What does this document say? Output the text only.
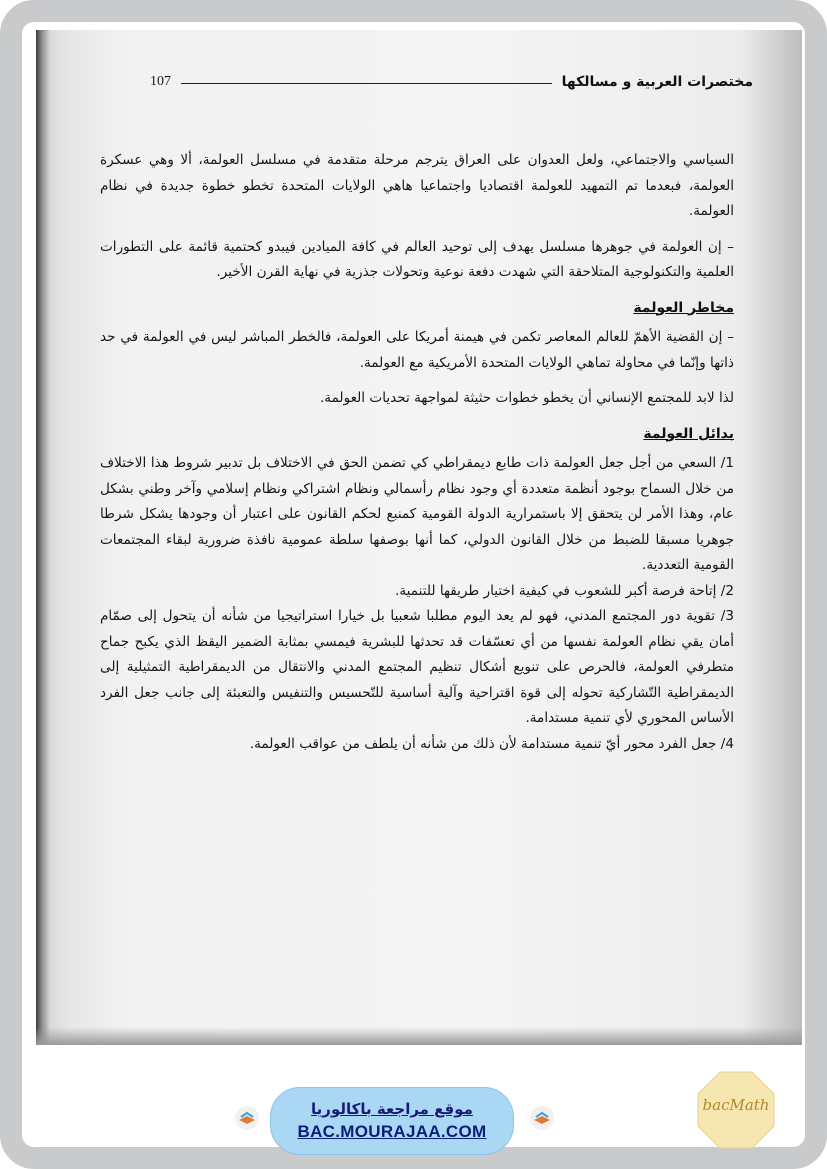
107	مختصرات العربية و مسالكها

السياسي والاجتماعي، ولعل العدوان على العراق يترجم مرحلة متقدمة في مسلسل العولمة، ألا وهي عسكرة العولمة، فبعدما تم التمهيد للعولمة اقتصاديا واجتماعيا هاهي الولايات المتحدة تخطو خطوة جديدة في نظام العولمة.

– إن العولمة في جوهرها مسلسل يهدف إلى توحيد العالم في كافة الميادين فيبدو كحتمية قائمة على التطورات العلمية والتكنولوجية المتلاحقة التي شهدت دفعة نوعية وتحولات جذرية في نهاية القرن الأخير.

مخاطر العولمة

– إن القضية الأهمّ للعالم المعاصر تكمن في هيمنة أمريكا على العولمة، فالخطر المباشر ليس في العولمة في حد ذاتها وإنّما في محاولة تماهي الولايات المتحدة الأمريكية مع العولمة.

لذا لابد للمجتمع الإنساني أن يخطو خطوات حثيثة لمواجهة تحديات العولمة.

بدائل العولمة

1/ السعي من أجل جعل العولمة ذات طابع ديمقراطي كي تضمن الحق في الاختلاف بل تدبير شروط هذا الاختلاف من خلال السماح بوجود أنظمة متعددة أي وجود نظام رأسمالي ونظام اشتراكي ونظام إسلامي وآخر وطني بشكل عام، وهذا الأمر لن يتحقق إلا باستمرارية الدولة القومية كمنبع لحكم القانون على اعتبار أن وجودها يشكل شرطا جوهريا مسبقا للضبط من خلال القانون الدولي، كما أنها بوصفها سلطة عمومية نافذة ضرورية لبقاء المجتمعات القومية التعددية.

2/ إتاحة فرصة أكبر للشعوب في كيفية اختيار طريقها للتنمية.

3/ تقوية دور المجتمع المدني، فهو لم يعد اليوم مطلبا شعبيا بل خيارا استراتيجيا من شأنه أن يتحول إلى صمّام أمان يقي نظام العولمة نفسها من أي تعسّفات قد تحدثها للبشرية فيمسي بمثابة الضمير اليقظ الذي يكبح جماح متطرفي العولمة، فالحرص على تنويع أشكال تنظيم المجتمع المدني والانتقال من الديمقراطية التمثيلية إلى الديمقراطية التّشاركية تحوله إلى قوة اقتراحية وآلية أساسية للتّحسيس والتنفيس والتعبئة إلى جانب جعل الفرد الأساس المحوري لأي تنمية مستدامة.

4/ جعل الفرد محور أيّ تنمية مستدامة لأن ذلك من شأنه أن يلطف من عواقب العولمة.

موقع مراجعة باكالوريا
BAC.MOURAJAA.COM
bacMath
